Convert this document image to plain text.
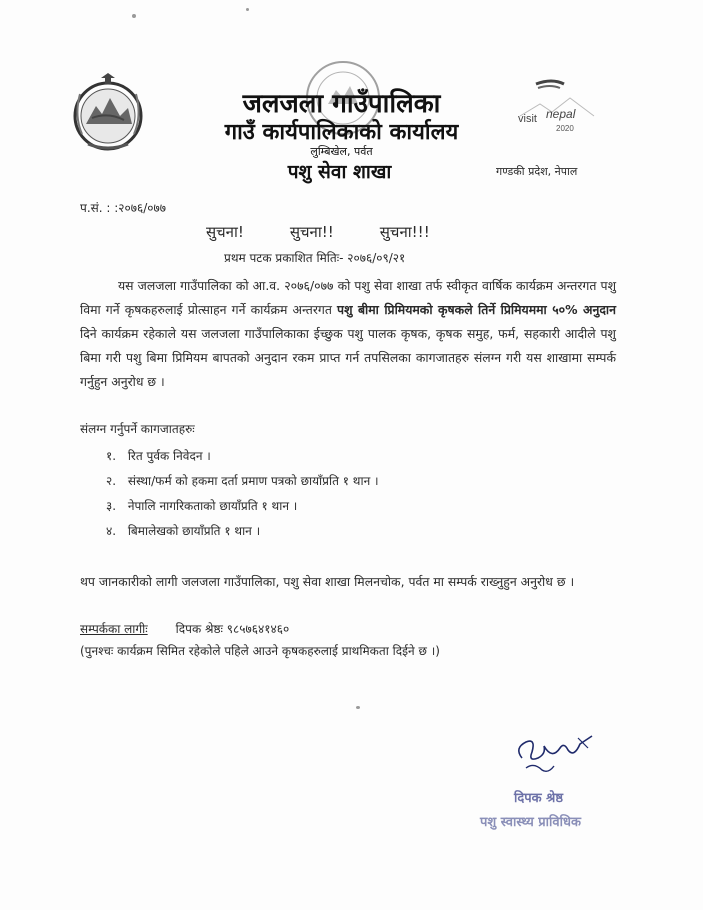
जलजला गाउँपालिका
गाउँ कार्यपालिकाको कार्यालय
लुम्बिखेल, पर्वत
पशु सेवा शाखा
visit nepal
2020
गण्डकी प्रदेश, नेपाल
प.सं. : :२०७६/०७७
सुचना!	सुचना!!	सुचना!!!
प्रथम पटक प्रकाशित मितिः- २०७६/०९/२१
यस जलजला गाउँपालिका को आ.व. २०७६/०७७ को पशु सेवा शाखा तर्फ स्वीकृत वार्षिक कार्यक्रम अन्तरगत पशु विमा गर्ने कृषकहरुलाई प्रोत्साहन गर्ने कार्यक्रम अन्तरगत पशु बीमा प्रिमियमको कृषकले तिर्ने प्रिमियममा ५०% अनुदान दिने कार्यक्रम रहेकाले यस जलजला गाउँपालिकाका ईच्छुक पशु पालक कृषक, कृषक समुह, फर्म, सहकारी आदीले पशु बिमा गरी पशु बिमा प्रिमियम बापतको अनुदान रकम प्राप्त गर्न तपसिलका कागजातहरु संलग्न गरी यस शाखामा सम्पर्क गर्नुहुन अनुरोध छ ।
संलग्न गर्नुपर्ने कागजातहरुः
१. रित पुर्वक निवेदन ।
२. संस्था/फर्म को हकमा दर्ता प्रमाण पत्रको छायाँप्रति १ थान ।
३. नेपालि नागरिकताको छायाँप्रति १ थान ।
४. बिमालेखको छायाँप्रति १ थान ।
थप जानकारीको लागी जलजला गाउँपालिका, पशु सेवा शाखा मिलनचोक, पर्वत मा सम्पर्क राख्नुहुन अनुरोध छ ।
सम्पर्कका लागीः दिपक श्रेष्ठः ९८५७६४१४६०
(पुनश्चः कार्यक्रम सिमित रहेकोले पहिले आउने कृषकहरुलाई प्राथमिकता दिईने छ ।)
दिपक श्रेष्ठ
पशु स्वास्थ्य प्राविधिक
